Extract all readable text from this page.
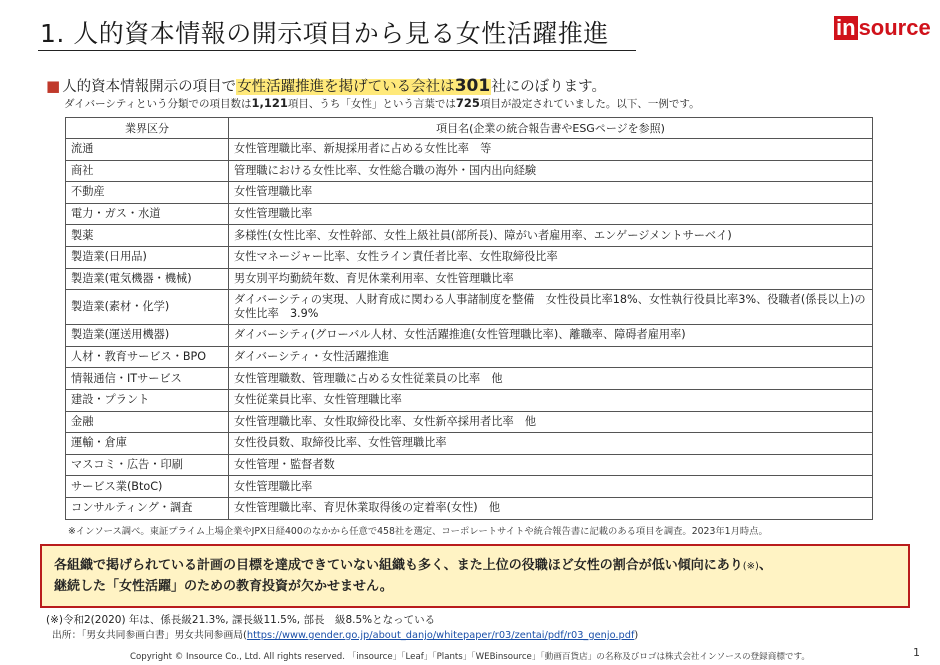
1. 人的資本情報の開示項目から見る女性活躍推進	in source
■ 人的資本情報開示の項目で女性活躍推進を掲げている会社は301社にのぼります。
ダイバーシティという分類での項目数は1,121項目、うち「女性」という言葉では725項目が設定されていました。以下、一例です。
業界区分	項目名(企業の統合報告書やESGページを参照)
流通	女性管理職比率、新規採用者に占める女性比率　等
商社	管理職における女性比率、女性総合職の海外・国内出向経験
不動産	女性管理職比率
電力・ガス・水道	女性管理職比率
製薬	多様性(女性比率、女性幹部、女性上級社員(部所長)、障がい者雇用率、エンゲージメントサーベイ)
製造業(日用品)	女性マネージャー比率、女性ライン責任者比率、女性取締役比率
製造業(電気機器・機械)	男女別平均勤続年数、育児休業利用率、女性管理職比率
製造業(素材・化学)	ダイバーシティの実現、人財育成に関わる人事諸制度を整備　女性役員比率18%、女性執行役員比率3%、役職者(係長以上)の女性比率　3.9%
製造業(運送用機器)	ダイバーシティ(グローバル人材、女性活躍推進(女性管理職比率)、離職率、障碍者雇用率)
人材・教育サービス・BPO	ダイバーシティ・女性活躍推進
情報通信・ITサービス	女性管理職数、管理職に占める女性従業員の比率　他
建設・プラント	女性従業員比率、女性管理職比率
金融	女性管理職比率、女性取締役比率、女性新卒採用者比率　他
運輸・倉庫	女性役員数、取締役比率、女性管理職比率
マスコミ・広告・印刷	女性管理・監督者数
サービス業(BtoC)	女性管理職比率
コンサルティング・調査	女性管理職比率、育児休業取得後の定着率(女性)　他
※インソース調べ。東証プライム上場企業やJPX日経400のなかから任意で458社を選定、コーポレートサイトや統合報告書に記載のある項目を調査。2023年1月時点。
各組織で掲げられている計画の目標を達成できていない組織も多く、また上位の役職ほど女性の割合が低い傾向にあり(※)、
継続した「女性活躍」のための教育投資が欠かせません。
(※)令和2(2020) 年は、係長級21.3%, 課長級11.5%, 部長　級8.5%となっている
出所：「男女共同参画白書」男女共同参画局(https://www.gender.go.jp/about_danjo/whitepaper/r03/zentai/pdf/r03_genjo.pdf)
Copyright © Insource Co., Ltd. All rights reserved. 「insource」「Leaf」「Plants」「WEBinsource」「動画百貨店」の名称及びロゴは株式会社インソースの登録商標です。	1
